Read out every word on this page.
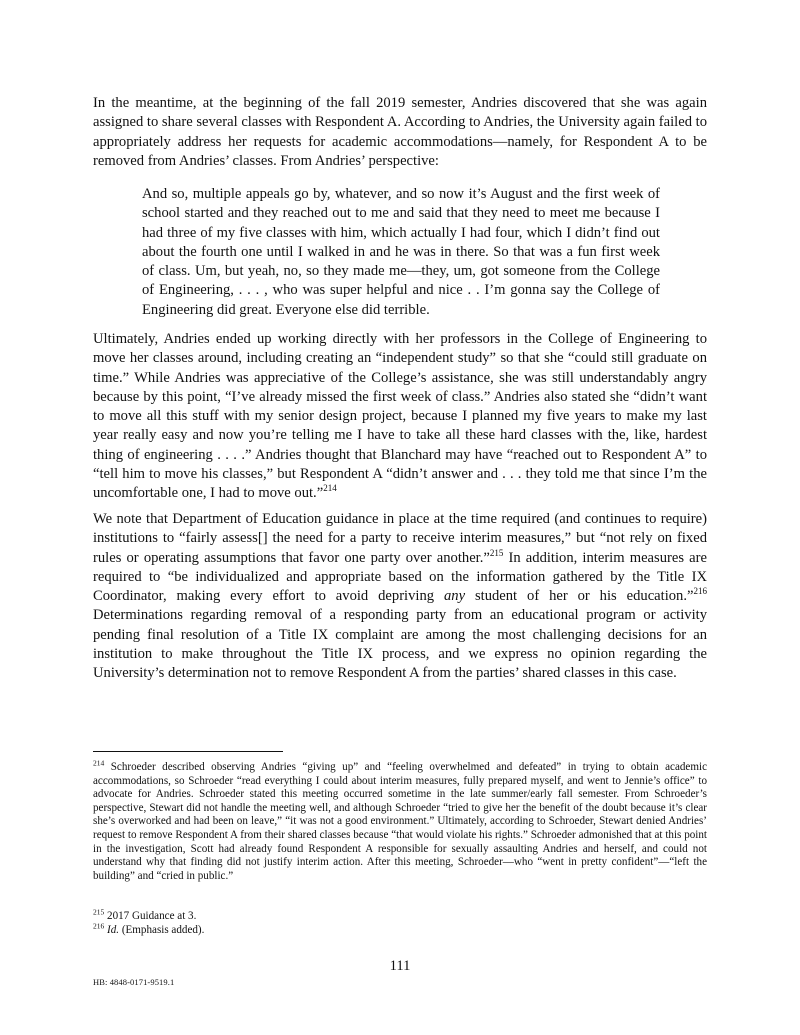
In the meantime, at the beginning of the fall 2019 semester, Andries discovered that she was again assigned to share several classes with Respondent A. According to Andries, the University again failed to appropriately address her requests for academic accommodations—namely, for Respondent A to be removed from Andries’ classes. From Andries’ perspective:

And so, multiple appeals go by, whatever, and so now it’s August and the first week of school started and they reached out to me and said that they need to meet me because I had three of my five classes with him, which actually I had four, which I didn’t find out about the fourth one until I walked in and he was in there. So that was a fun first week of class. Um, but yeah, no, so they made me—they, um, got someone from the College of Engineering, . . . , who was super helpful and nice . . I’m gonna say the College of Engineering did great. Everyone else did terrible.

Ultimately, Andries ended up working directly with her professors in the College of Engineering to move her classes around, including creating an “independent study” so that she “could still graduate on time.” While Andries was appreciative of the College’s assistance, she was still understandably angry because by this point, “I’ve already missed the first week of class.” Andries also stated she “didn’t want to move all this stuff with my senior design project, because I planned my five years to make my last year really easy and now you’re telling me I have to take all these hard classes with the, like, hardest thing of engineering . . . .” Andries thought that Blanchard may have “reached out to Respondent A” to “tell him to move his classes,” but Respondent A “didn’t answer and . . . they told me that since I’m the uncomfortable one, I had to move out.”$^{214}$

We note that Department of Education guidance in place at the time required (and continues to require) institutions to “fairly assess[] the need for a party to receive interim measures,” but “not rely on fixed rules or operating assumptions that favor one party over another.”$^{215}$ In addition, interim measures are required to “be individualized and appropriate based on the information gathered by the Title IX Coordinator, making every effort to avoid depriving any student of her or his education.”$^{216}$ Determinations regarding removal of a responding party from an educational program or activity pending final resolution of a Title IX complaint are among the most challenging decisions for an institution to make throughout the Title IX process, and we express no opinion regarding the University’s determination not to remove Respondent A from the parties’ shared classes in this case.

$^{214}$ Schroeder described observing Andries “giving up” and “feeling overwhelmed and defeated” in trying to obtain academic accommodations, so Schroeder “read everything I could about interim measures, fully prepared myself, and went to Jennie’s office” to advocate for Andries. Schroeder stated this meeting occurred sometime in the late summer/early fall semester. From Schroeder’s perspective, Stewart did not handle the meeting well, and although Schroeder “tried to give her the benefit of the doubt because it’s clear she’s overworked and had been on leave,” “it was not a good environment.” Ultimately, according to Schroeder, Stewart denied Andries’ request to remove Respondent A from their shared classes because “that would violate his rights.” Schroeder admonished that at this point in the investigation, Scott had already found Respondent A responsible for sexually assaulting Andries and herself, and could not understand why that finding did not justify interim action. After this meeting, Schroeder—who “went in pretty confident”—“left the building” and “cried in public.”

$^{215}$ 2017 Guidance at 3.

$^{216}$ Id. (Emphasis added).

111
HB: 4848-0171-9519.1
